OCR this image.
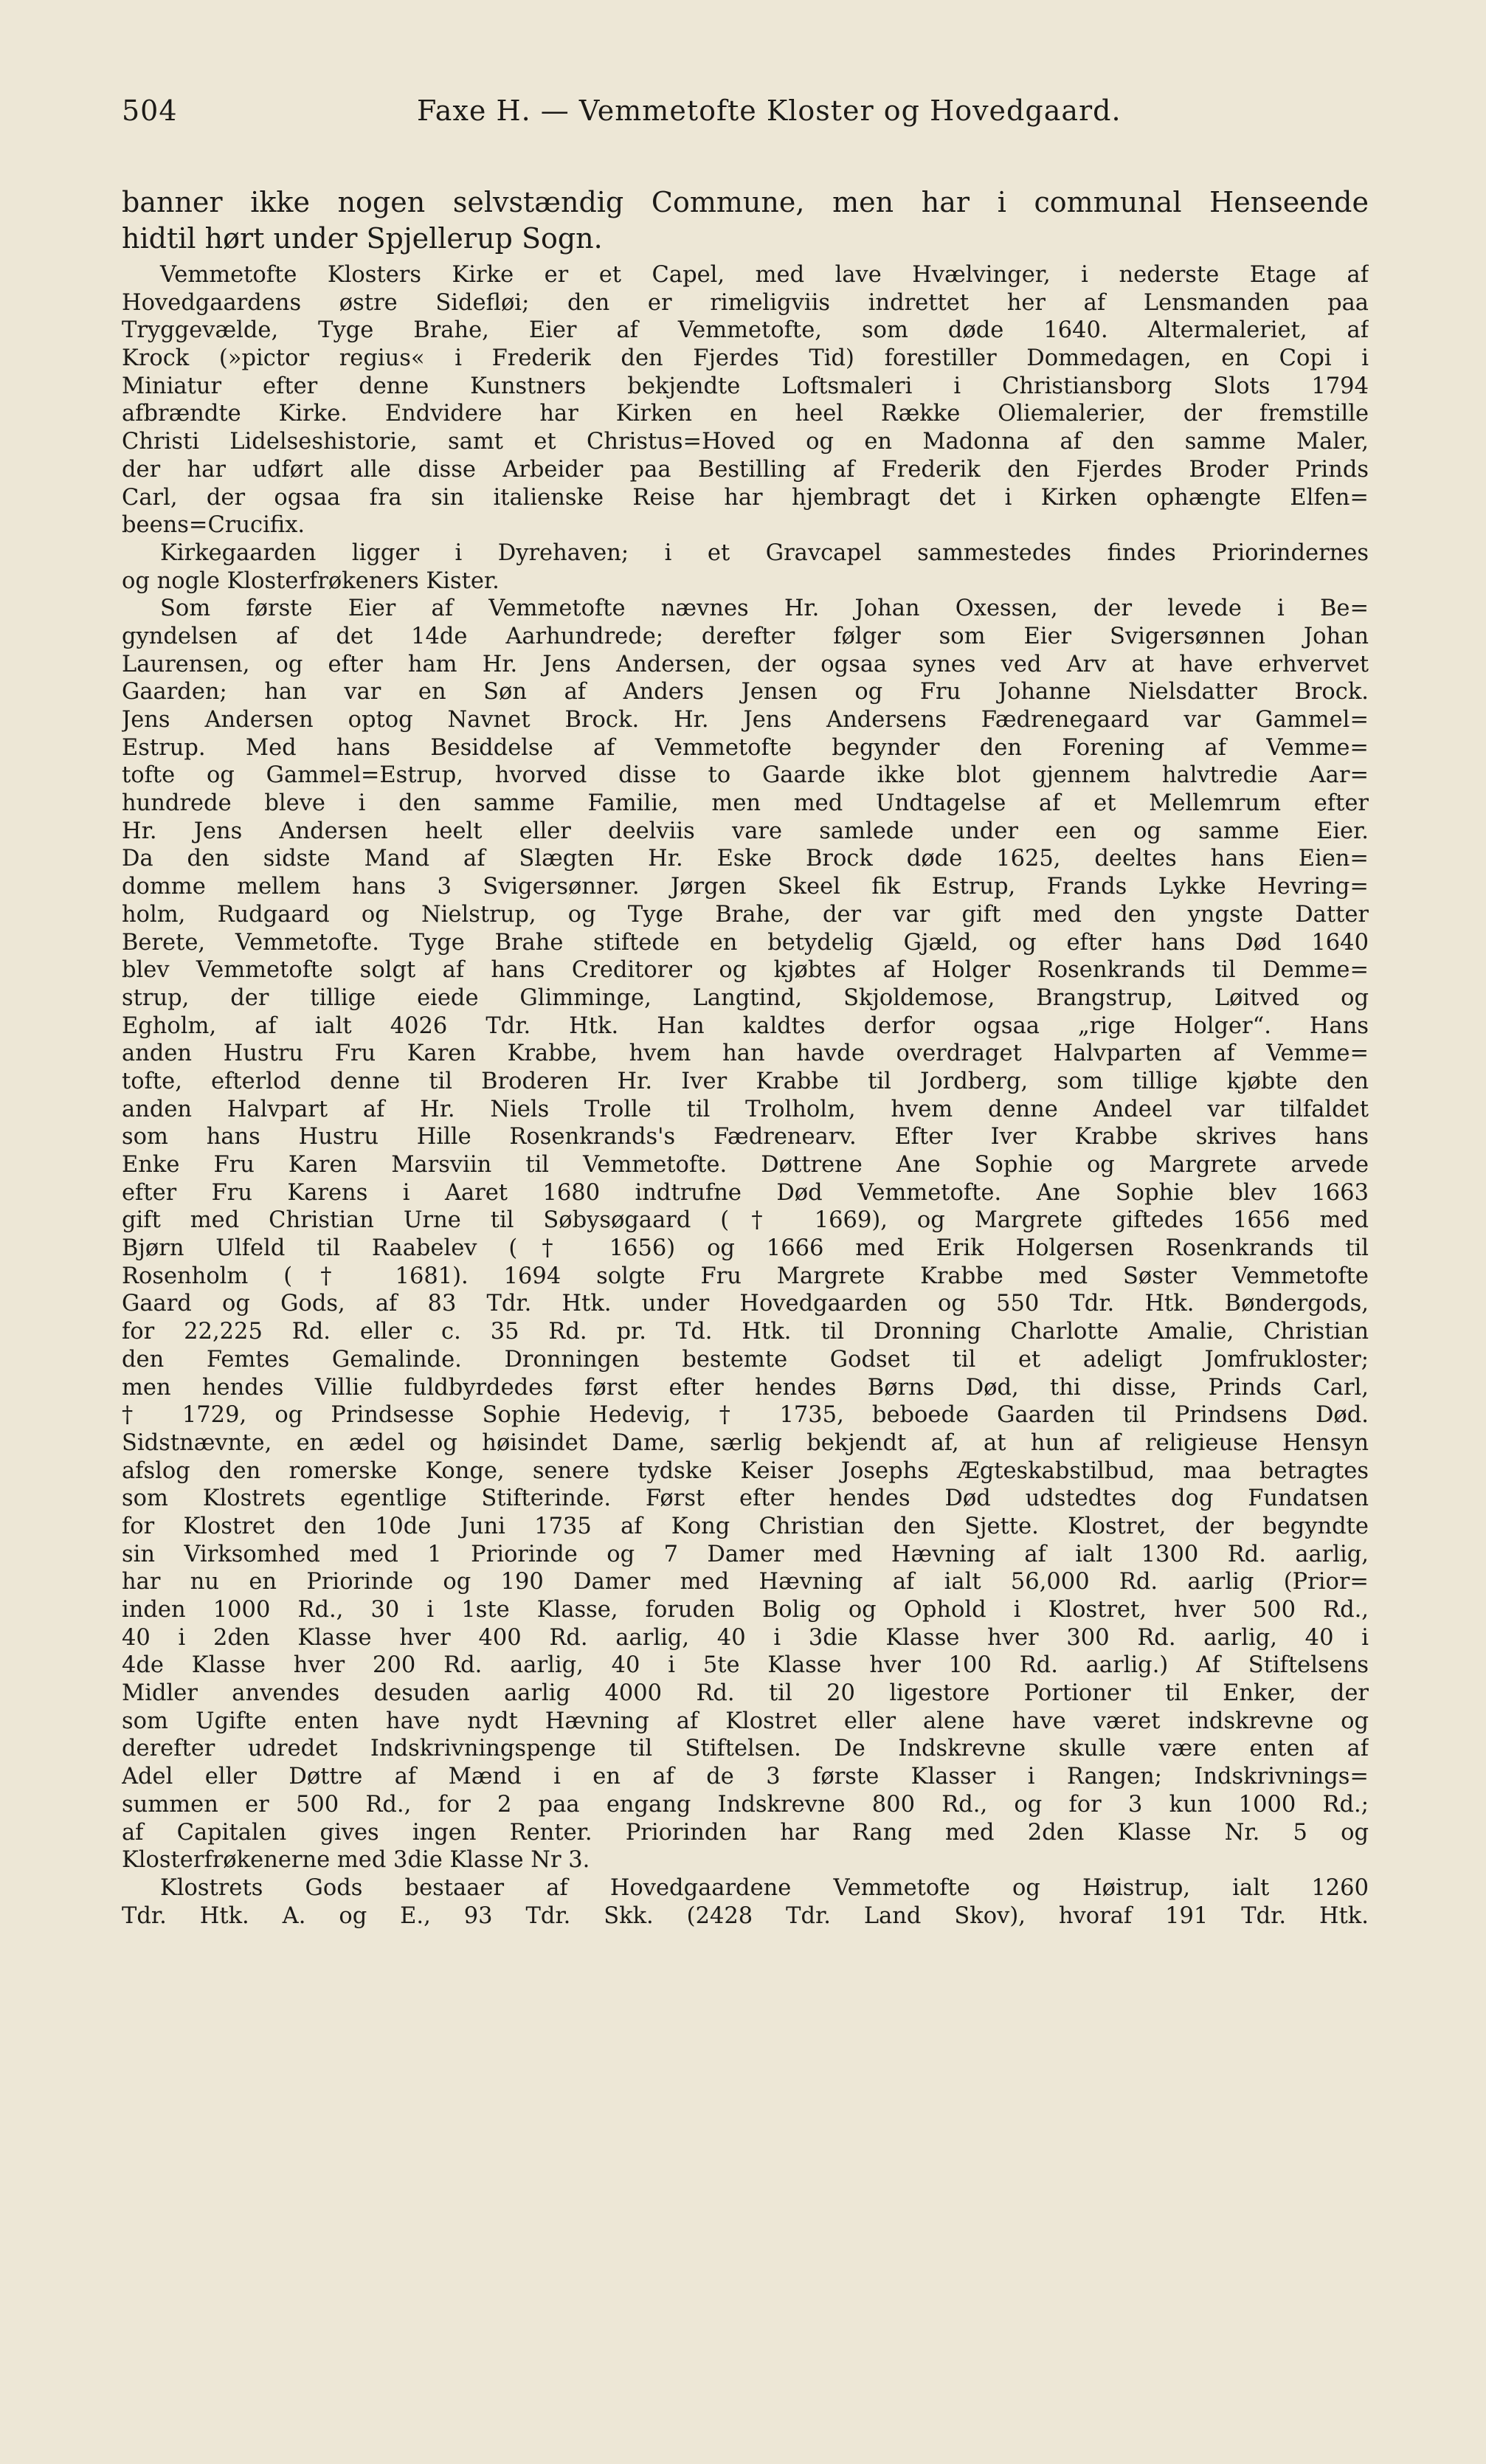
504	Faxe H. — Vemmetofte Kloster og Hovedgaard.
banner ikke nogen selvstændig Commune, men har i communal Henseende
hidtil hørt under Spjellerup Sogn.
Vemmetofte Klosters Kirke er et Capel, med lave Hvælvinger, i nederste Etage af
Hovedgaardens østre Sidefløi; den er rimeligviis indrettet her af Lensmanden paa
Tryggevælde, Tyge Brahe, Eier af Vemmetofte, som døde 1640. Altermaleriet, af
Krock (»pictor regius« i Frederik den Fjerdes Tid) forestiller Dommedagen, en Copi i
Miniatur efter denne Kunstners bekjendte Loftsmaleri i Christiansborg Slots 1794
afbrændte Kirke. Endvidere har Kirken en heel Række Oliemalerier, der fremstille
Christi Lidelseshistorie, samt et Christus=Hoved og en Madonna af den samme Maler,
der har udført alle disse Arbeider paa Bestilling af Frederik den Fjerdes Broder Prinds
Carl, der ogsaa fra sin italienske Reise har hjembragt det i Kirken ophængte Elfen=
beens=Crucifix.
Kirkegaarden ligger i Dyrehaven; i et Gravcapel sammestedes findes Priorindernes
og nogle Klosterfrøkeners Kister.
Som første Eier af Vemmetofte nævnes Hr. Johan Oxessen, der levede i Be=
gyndelsen af det 14de Aarhundrede; derefter følger som Eier Svigersønnen Johan
Laurensen, og efter ham Hr. Jens Andersen, der ogsaa synes ved Arv at have erhvervet
Gaarden; han var en Søn af Anders Jensen og Fru Johanne Nielsdatter Brock.
Jens Andersen optog Navnet Brock. Hr. Jens Andersens Fædrenegaard var Gammel=
Estrup. Med hans Besiddelse af Vemmetofte begynder den Forening af Vemme=
tofte og Gammel=Estrup, hvorved disse to Gaarde ikke blot gjennem halvtredie Aar=
hundrede bleve i den samme Familie, men med Undtagelse af et Mellemrum efter
Hr. Jens Andersen heelt eller deelviis vare samlede under een og samme Eier.
Da den sidste Mand af Slægten Hr. Eske Brock døde 1625, deeltes hans Eien=
domme mellem hans 3 Svigersønner. Jørgen Skeel fik Estrup, Frands Lykke Hevring=
holm, Rudgaard og Nielstrup, og Tyge Brahe, der var gift med den yngste Datter
Berete, Vemmetofte. Tyge Brahe stiftede en betydelig Gjæld, og efter hans Død 1640
blev Vemmetofte solgt af hans Creditorer og kjøbtes af Holger Rosenkrands til Demme=
strup, der tillige eiede Glimminge, Langtind, Skjoldemose, Brangstrup, Løitved og
Egholm, af ialt 4026 Tdr. Htk. Han kaldtes derfor ogsaa „rige Holger“. Hans
anden Hustru Fru Karen Krabbe, hvem han havde overdraget Halvparten af Vemme=
tofte, efterlod denne til Broderen Hr. Iver Krabbe til Jordberg, som tillige kjøbte den
anden Halvpart af Hr. Niels Trolle til Trolholm, hvem denne Andeel var tilfaldet
som hans Hustru Hille Rosenkrands's Fædrenearv. Efter Iver Krabbe skrives hans
Enke Fru Karen Marsviin til Vemmetofte. Døttrene Ane Sophie og Margrete arvede
efter Fru Karens i Aaret 1680 indtrufne Død Vemmetofte. Ane Sophie blev 1663
gift med Christian Urne til Søbysøgaard († 1669), og Margrete giftedes 1656 med
Bjørn Ulfeld til Raabelev († 1656) og 1666 med Erik Holgersen Rosenkrands til
Rosenholm († 1681). 1694 solgte Fru Margrete Krabbe med Søster Vemmetofte
Gaard og Gods, af 83 Tdr. Htk. under Hovedgaarden og 550 Tdr. Htk. Bøndergods,
for 22,225 Rd. eller c. 35 Rd. pr. Td. Htk. til Dronning Charlotte Amalie, Christian
den Femtes Gemalinde. Dronningen bestemte Godset til et adeligt Jomfrukloster;
men hendes Villie fuldbyrdedes først efter hendes Børns Død, thi disse, Prinds Carl,
† 1729, og Prindsesse Sophie Hedevig, † 1735, beboede Gaarden til Prindsens Død.
Sidstnævnte, en ædel og høisindet Dame, særlig bekjendt af, at hun af religieuse Hensyn
afslog den romerske Konge, senere tydske Keiser Josephs Ægteskabstilbud, maa betragtes
som Klostrets egentlige Stifterinde. Først efter hendes Død udstedtes dog Fundatsen
for Klostret den 10de Juni 1735 af Kong Christian den Sjette. Klostret, der begyndte
sin Virksomhed med 1 Priorinde og 7 Damer med Hævning af ialt 1300 Rd. aarlig,
har nu en Priorinde og 190 Damer med Hævning af ialt 56,000 Rd. aarlig (Prior=
inden 1000 Rd., 30 i 1ste Klasse, foruden Bolig og Ophold i Klostret, hver 500 Rd.,
40 i 2den Klasse hver 400 Rd. aarlig, 40 i 3die Klasse hver 300 Rd. aarlig, 40 i
4de Klasse hver 200 Rd. aarlig, 40 i 5te Klasse hver 100 Rd. aarlig.) Af Stiftelsens
Midler anvendes desuden aarlig 4000 Rd. til 20 ligestore Portioner til Enker, der
som Ugifte enten have nydt Hævning af Klostret eller alene have været indskrevne og
derefter udredet Indskrivningspenge til Stiftelsen. De Indskrevne skulle være enten af
Adel eller Døttre af Mænd i en af de 3 første Klasser i Rangen; Indskrivnings=
summen er 500 Rd., for 2 paa engang Indskrevne 800 Rd., og for 3 kun 1000 Rd.;
af Capitalen gives ingen Renter. Priorinden har Rang med 2den Klasse Nr. 5 og
Klosterfrøkenerne med 3die Klasse Nr 3.
Klostrets Gods bestaaer af Hovedgaardene Vemmetofte og Høistrup, ialt 1260
Tdr. Htk. A. og E., 93 Tdr. Skk. (2428 Tdr. Land Skov), hvoraf 191 Tdr. Htk.
